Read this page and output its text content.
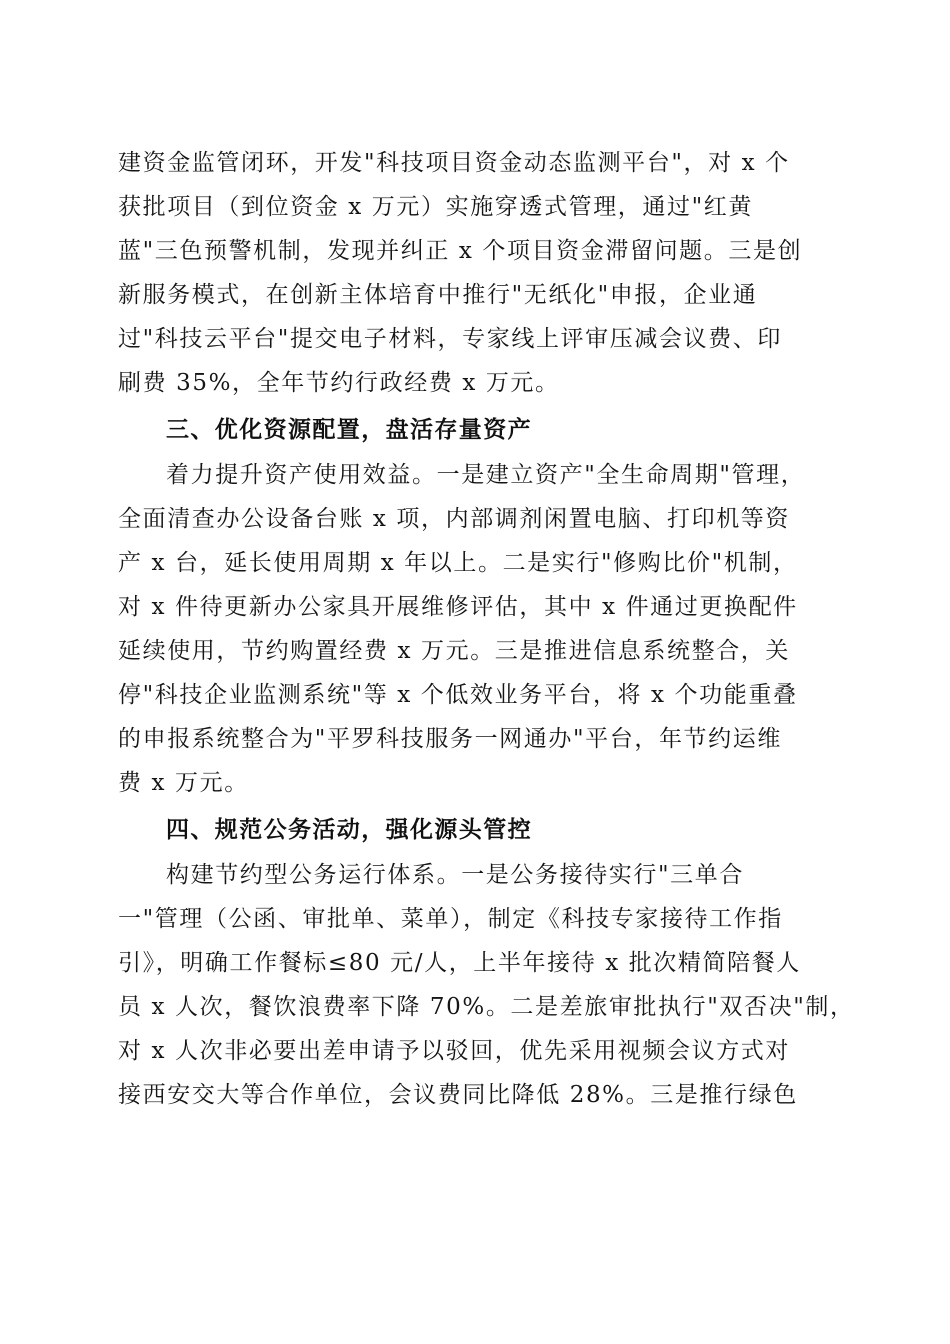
建资金监管闭环，开发"科技项目资金动态监测平台"，对 x 个
获批项目（到位资金 x 万元）实施穿透式管理，通过"红黄
蓝"三色预警机制，发现并纠正 x 个项目资金滞留问题。三是创
新服务模式，在创新主体培育中推行"无纸化"申报，企业通
过"科技云平台"提交电子材料，专家线上评审压减会议费、印
刷费 35%，全年节约行政经费 x 万元。
三、优化资源配置，盘活存量资产
着力提升资产使用效益。一是建立资产"全生命周期"管理，
全面清查办公设备台账 x 项，内部调剂闲置电脑、打印机等资
产 x 台，延长使用周期 x 年以上。二是实行"修购比价"机制，
对 x 件待更新办公家具开展维修评估，其中 x 件通过更换配件
延续使用，节约购置经费 x 万元。三是推进信息系统整合，关
停"科技企业监测系统"等 x 个低效业务平台，将 x 个功能重叠
的申报系统整合为"平罗科技服务一网通办"平台，年节约运维
费 x 万元。
四、规范公务活动，强化源头管控
构建节约型公务运行体系。一是公务接待实行"三单合
一"管理（公函、审批单、菜单），制定《科技专家接待工作指
引》，明确工作餐标≤80 元/人，上半年接待 x 批次精简陪餐人
员 x 人次，餐饮浪费率下降 70%。二是差旅审批执行"双否决"制，
对 x 人次非必要出差申请予以驳回，优先采用视频会议方式对
接西安交大等合作单位，会议费同比降低 28%。三是推行绿色
